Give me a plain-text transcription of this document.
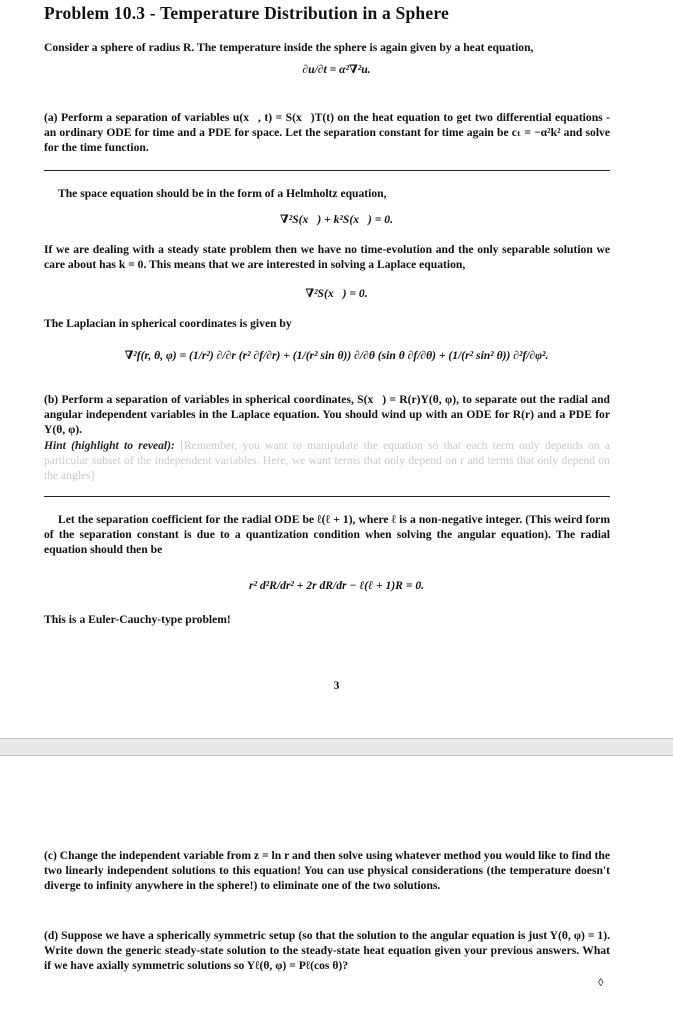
Problem 10.3 - Temperature Distribution in a Sphere
Consider a sphere of radius R. The temperature inside the sphere is again given by a heat equation,
∂u/∂t = α²∇²u.
(a) Perform a separation of variables u(x⃗, t) = S(x⃗)T(t) on the heat equation to get two differential equations - an ordinary ODE for time and a PDE for space. Let the separation constant for time again be cₜ = −α²k² and solve for the time function.
The space equation should be in the form of a Helmholtz equation,
∇²S(x⃗) + k²S(x⃗) = 0.
If we are dealing with a steady state problem then we have no time-evolution and the only separable solution we care about has k = 0. This means that we are interested in solving a Laplace equation,
∇²S(x⃗) = 0.
The Laplacian in spherical coordinates is given by
∇²f(r, θ, φ) = (1/r²) ∂/∂r (r² ∂f/∂r) + (1/(r² sin θ)) ∂/∂θ (sin θ ∂f/∂θ) + (1/(r² sin² θ)) ∂²f/∂φ².
(b) Perform a separation of variables in spherical coordinates, S(x⃗) = R(r)Y(θ, φ), to separate out the radial and angular independent variables in the Laplace equation. You should wind up with an ODE for R(r) and a PDE for Y(θ, φ).
Hint (highlight to reveal): [Remember, you want to manipulate the equation so that each term only depends on a particular subset of the independent variables. Here, we want terms that only depend on r and terms that only depend on the angles]
Let the separation coefficient for the radial ODE be ℓ(ℓ + 1), where ℓ is a non-negative integer. (This weird form of the separation constant is due to a quantization condition when solving the angular equation). The radial equation should then be
r² d²R/dr² + 2r dR/dr − ℓ(ℓ + 1)R = 0.
This is a Euler-Cauchy-type problem!
3
(c) Change the independent variable from z = ln r and then solve using whatever method you would like to find the two linearly independent solutions to this equation! You can use physical considerations (the temperature doesn't diverge to infinity anywhere in the sphere!) to eliminate one of the two solutions.
(d) Suppose we have a spherically symmetric setup (so that the solution to the angular equation is just Y(θ, φ) = 1). Write down the generic steady-state solution to the steady-state heat equation given your previous answers. What if we have axially symmetric solutions so Yℓ(θ, φ) = Pℓ(cos θ)?
◊
